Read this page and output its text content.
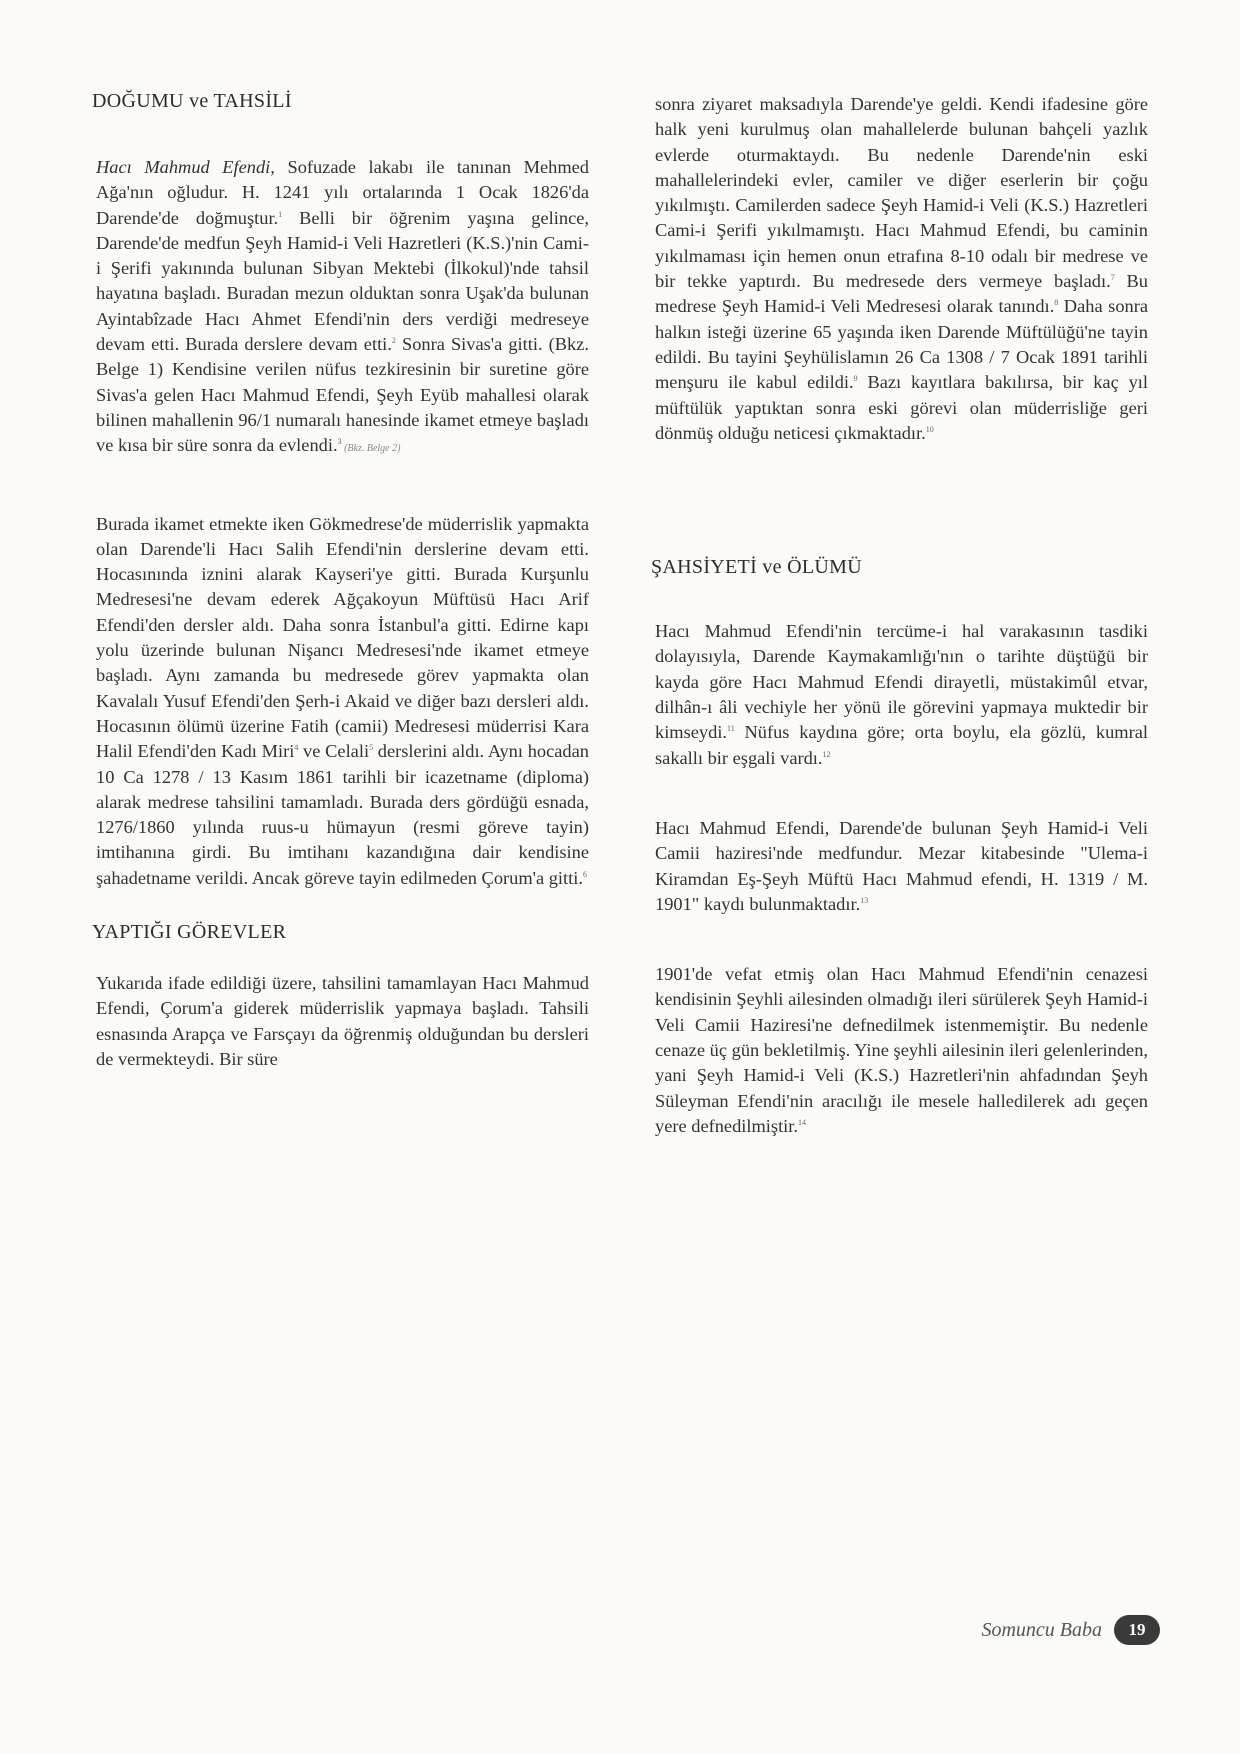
DOĞUMU ve TAHSİLİ

Hacı Mahmud Efendi, Sofuzade lakabı ile tanınan Mehmed Ağa'nın oğludur. H. 1241 yılı ortalarında 1 Ocak 1826'da Darende'de doğmuştur.$^1$ Belli bir öğrenim yaşına gelince, Darende'de medfun Şeyh Hamid-i Veli Hazretleri (K.S.)'nin Cami-i Şerifi yakınında bulunan Sibyan Mektebi (İlkokul)'nde tahsil hayatına başladı. Buradan mezun olduktan sonra Uşak'da bulunan Ayintabîzade Hacı Ahmet Efendi'nin ders verdiği medreseye devam etti. Burada derslere devam etti.$^2$ Sonra Sivas'a gitti. (Bkz. Belge 1) Kendisine verilen nüfus tezkiresinin bir suretine göre Sivas'a gelen Hacı Mahmud Efendi, Şeyh Eyüb mahallesi olarak bilinen mahallenin 96/1 numaralı hanesinde ikamet etmeye başladı ve kısa bir süre sonra da evlendi.$^3$ (Bkz. Belge 2)

Burada ikamet etmekte iken Gökmedrese'de müderrislik yapmakta olan Darende'li Hacı Salih Efendi'nin derslerine devam etti. Hocasınında iznini alarak Kayseri'ye gitti. Burada Kurşunlu Medresesi'ne devam ederek Ağçakoyun Müftüsü Hacı Arif Efendi'den dersler aldı. Daha sonra İstanbul'a gitti. Edirne kapı yolu üzerinde bulunan Nişancı Medresesi'nde ikamet etmeye başladı. Aynı zamanda bu medresede görev yapmakta olan Kavalalı Yusuf Efendi'den Şerh-i Akaid ve diğer bazı dersleri aldı. Hocasının ölümü üzerine Fatih (camii) Medresesi müderrisi Kara Halil Efendi'den Kadı Miri$^4$ ve Celali$^5$ derslerini aldı. Aynı hocadan 10 Ca 1278 / 13 Kasım 1861 tarihli bir icazetname (diploma) alarak medrese tahsilini tamamladı. Burada ders gördüğü esnada, 1276/1860 yılında ruus-u hümayun (resmi göreve tayin) imtihanına girdi. Bu imtihanı kazandığına dair kendisine şahadetname verildi. Ancak göreve tayin edilmeden Çorum'a gitti.$^6$

YAPTIĞI GÖREVLER

Yukarıda ifade edildiği üzere, tahsilini tamamlayan Hacı Mahmud Efendi, Çorum'a giderek müderrislik yapmaya başladı. Tahsili esnasında Arapça ve Farsçayı da öğrenmiş olduğundan bu dersleri de vermekteydi. Bir süre

sonra ziyaret maksadıyla Darende'ye geldi. Kendi ifadesine göre halk yeni kurulmuş olan mahallelerde bulunan bahçeli yazlık evlerde oturmaktaydı. Bu nedenle Darende'nin eski mahallelerindeki evler, camiler ve diğer eserlerin bir çoğu yıkılmıştı. Camilerden sadece Şeyh Hamid-i Veli (K.S.) Hazretleri Cami-i Şerifi yıkılmamıştı. Hacı Mahmud Efendi, bu caminin yıkılmaması için hemen onun etrafına 8-10 odalı bir medrese ve bir tekke yaptırdı. Bu medresede ders vermeye başladı.$^7$ Bu medrese Şeyh Hamid-i Veli Medresesi olarak tanındı.$^8$ Daha sonra halkın isteği üzerine 65 yaşında iken Darende Müftülüğü'ne tayin edildi. Bu tayini Şeyhülislamın 26 Ca 1308 / 7 Ocak 1891 tarihli menşuru ile kabul edildi.$^9$ Bazı kayıtlara bakılırsa, bir kaç yıl müftülük yaptıktan sonra eski görevi olan müderrisliğe geri dönmüş olduğu neticesi çıkmaktadır.$^{10}$

ŞAHSİYETİ ve ÖLÜMÜ

Hacı Mahmud Efendi'nin tercüme-i hal varakasının tasdiki dolayısıyla, Darende Kaymakamlığı'nın o tarihte düştüğü bir kayda göre Hacı Mahmud Efendi dirayetli, müstakimûl etvar, dilhân-ı âli vechiyle her yönü ile görevini yapmaya muktedir bir kimseydi.$^{11}$ Nüfus kaydına göre; orta boylu, ela gözlü, kumral sakallı bir eşgali vardı.$^{12}$

Hacı Mahmud Efendi, Darende'de bulunan Şeyh Hamid-i Veli Camii haziresi'nde medfundur. Mezar kitabesinde "Ulema-i Kiramdan Eş-Şeyh Müftü Hacı Mahmud efendi, H. 1319 / M. 1901" kaydı bulunmaktadır.$^{13}$

1901'de vefat etmiş olan Hacı Mahmud Efendi'nin cenazesi kendisinin Şeyhli ailesinden olmadığı ileri sürülerek Şeyh Hamid-i Veli Camii Haziresi'ne defnedilmek istenmemiştir. Bu nedenle cenaze üç gün bekletilmiş. Yine şeyhli ailesinin ileri gelenlerinden, yani Şeyh Hamid-i Veli (K.S.) Hazretleri'nin ahfadından Şeyh Süleyman Efendi'nin aracılığı ile mesele halledilerek adı geçen yere defnedilmiştir.$^{14}$

Somuncu Baba	19
